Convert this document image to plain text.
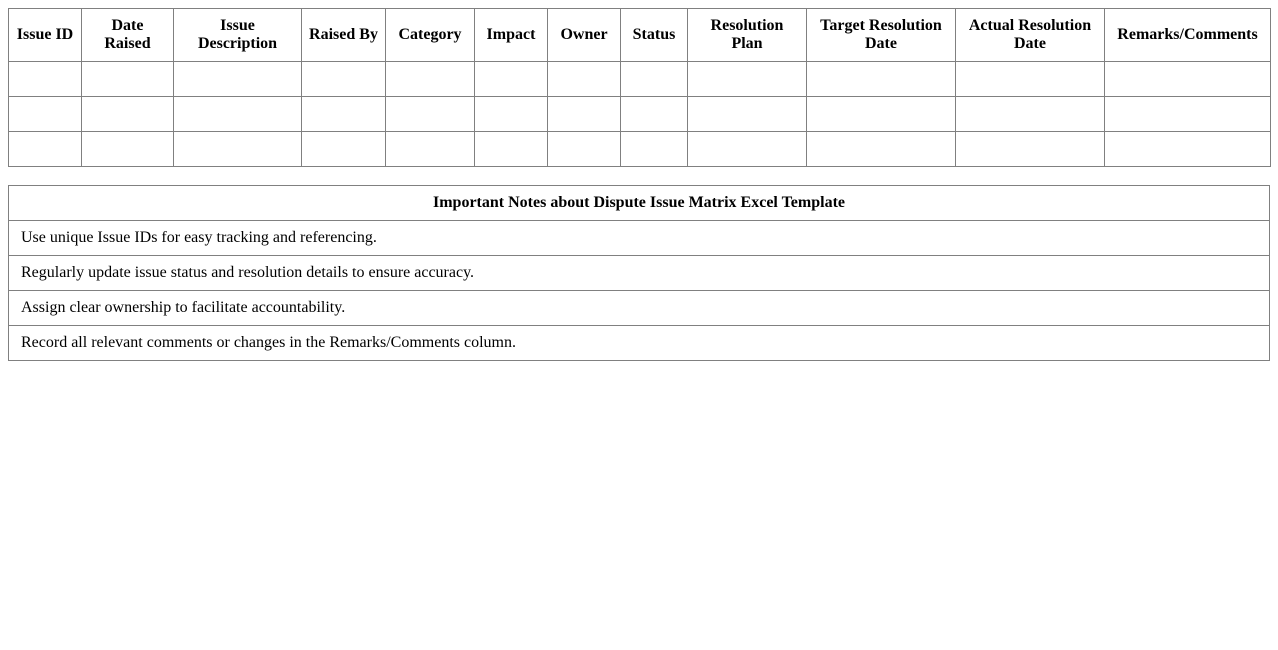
Issue ID	Date Raised	Issue Description	Raised By	Category	Impact	Owner	Status	Resolution Plan	Target Resolution Date	Actual Resolution Date	Remarks/Comments

Important Notes about Dispute Issue Matrix Excel Template
Use unique Issue IDs for easy tracking and referencing.
Regularly update issue status and resolution details to ensure accuracy.
Assign clear ownership to facilitate accountability.
Record all relevant comments or changes in the Remarks/Comments column.
